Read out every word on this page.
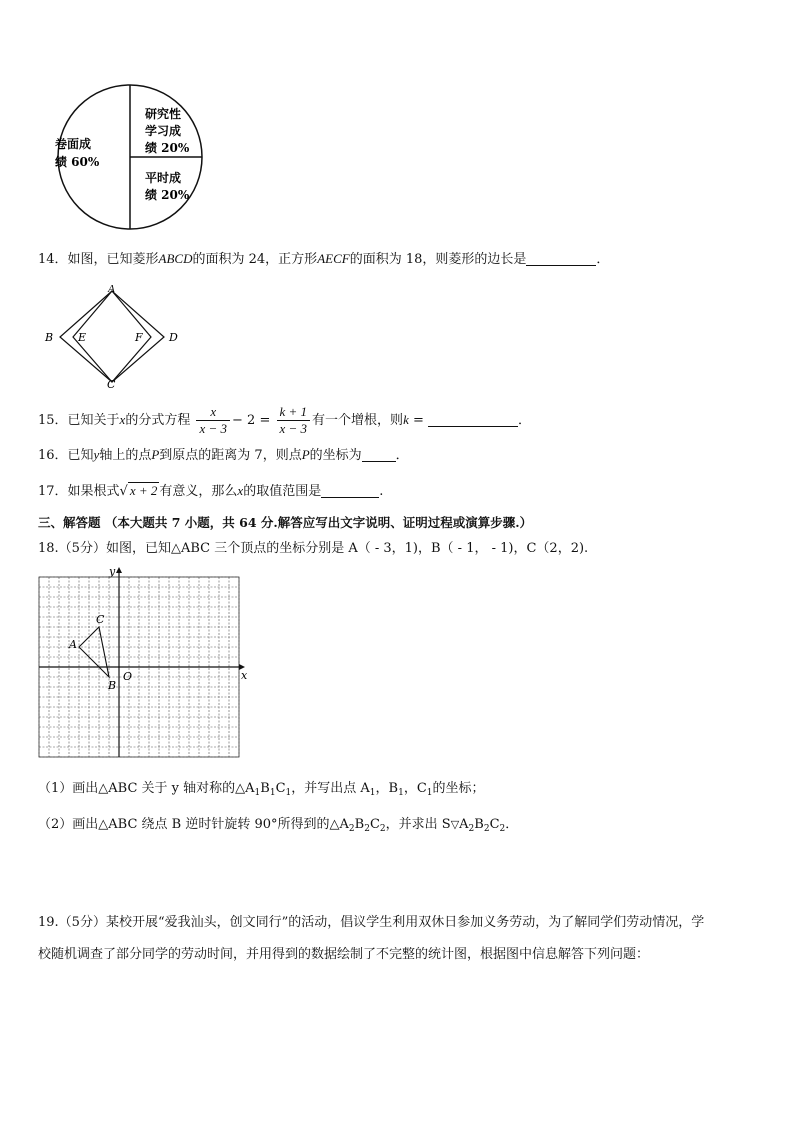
卷面成
绩 60%
研究性
学习成
绩 20%
平时成
绩 20%
14．如图，已知菱形ABCD的面积为 24，正方形AECF的面积为 18，则菱形的边长是	．
A
B
C
D
E	F
15．已知关于x的分式方程 $\frac{x}{x - 3} - 2 = \frac{k + 1}{x - 3}$ 有一个增根，则k =	．
16．已知y轴上的点P到原点的距离为 7，则点P的坐标为	．
17．如果根式√ x + 2 有意义，那么x的取值范围是	.
三、解答题 （本大题共 7 小题，共 64 分.解答应写出文字说明、证明过程或演算步骤.）
18.（5分）如图，已知△ABC 三个顶点的坐标分别是 A（ - 3，1)，B（ - 1， - 1)，C（2，2).
A
B
C
O	x
y
（1）画出△ABC 关于 y 轴对称的$\triangle A_1B_1C_1$，并写出点 $A_1$，$B_1$，$C_1$的坐标；
（2）画出△ABC 绕点 B 逆时针旋转 90°所得到的$\triangle A_2B_2C_2$，并求出 $S▽A_2B_2C_2$．
19.（5分）某校开展“爱我汕头，创文同行”的活动，倡议学生利用双休日参加义务劳动，为了解同学们劳动情况，学
校随机调查了部分同学的劳动时间，并用得到的数据绘制了不完整的统计图，根据图中信息解答下列问题：
